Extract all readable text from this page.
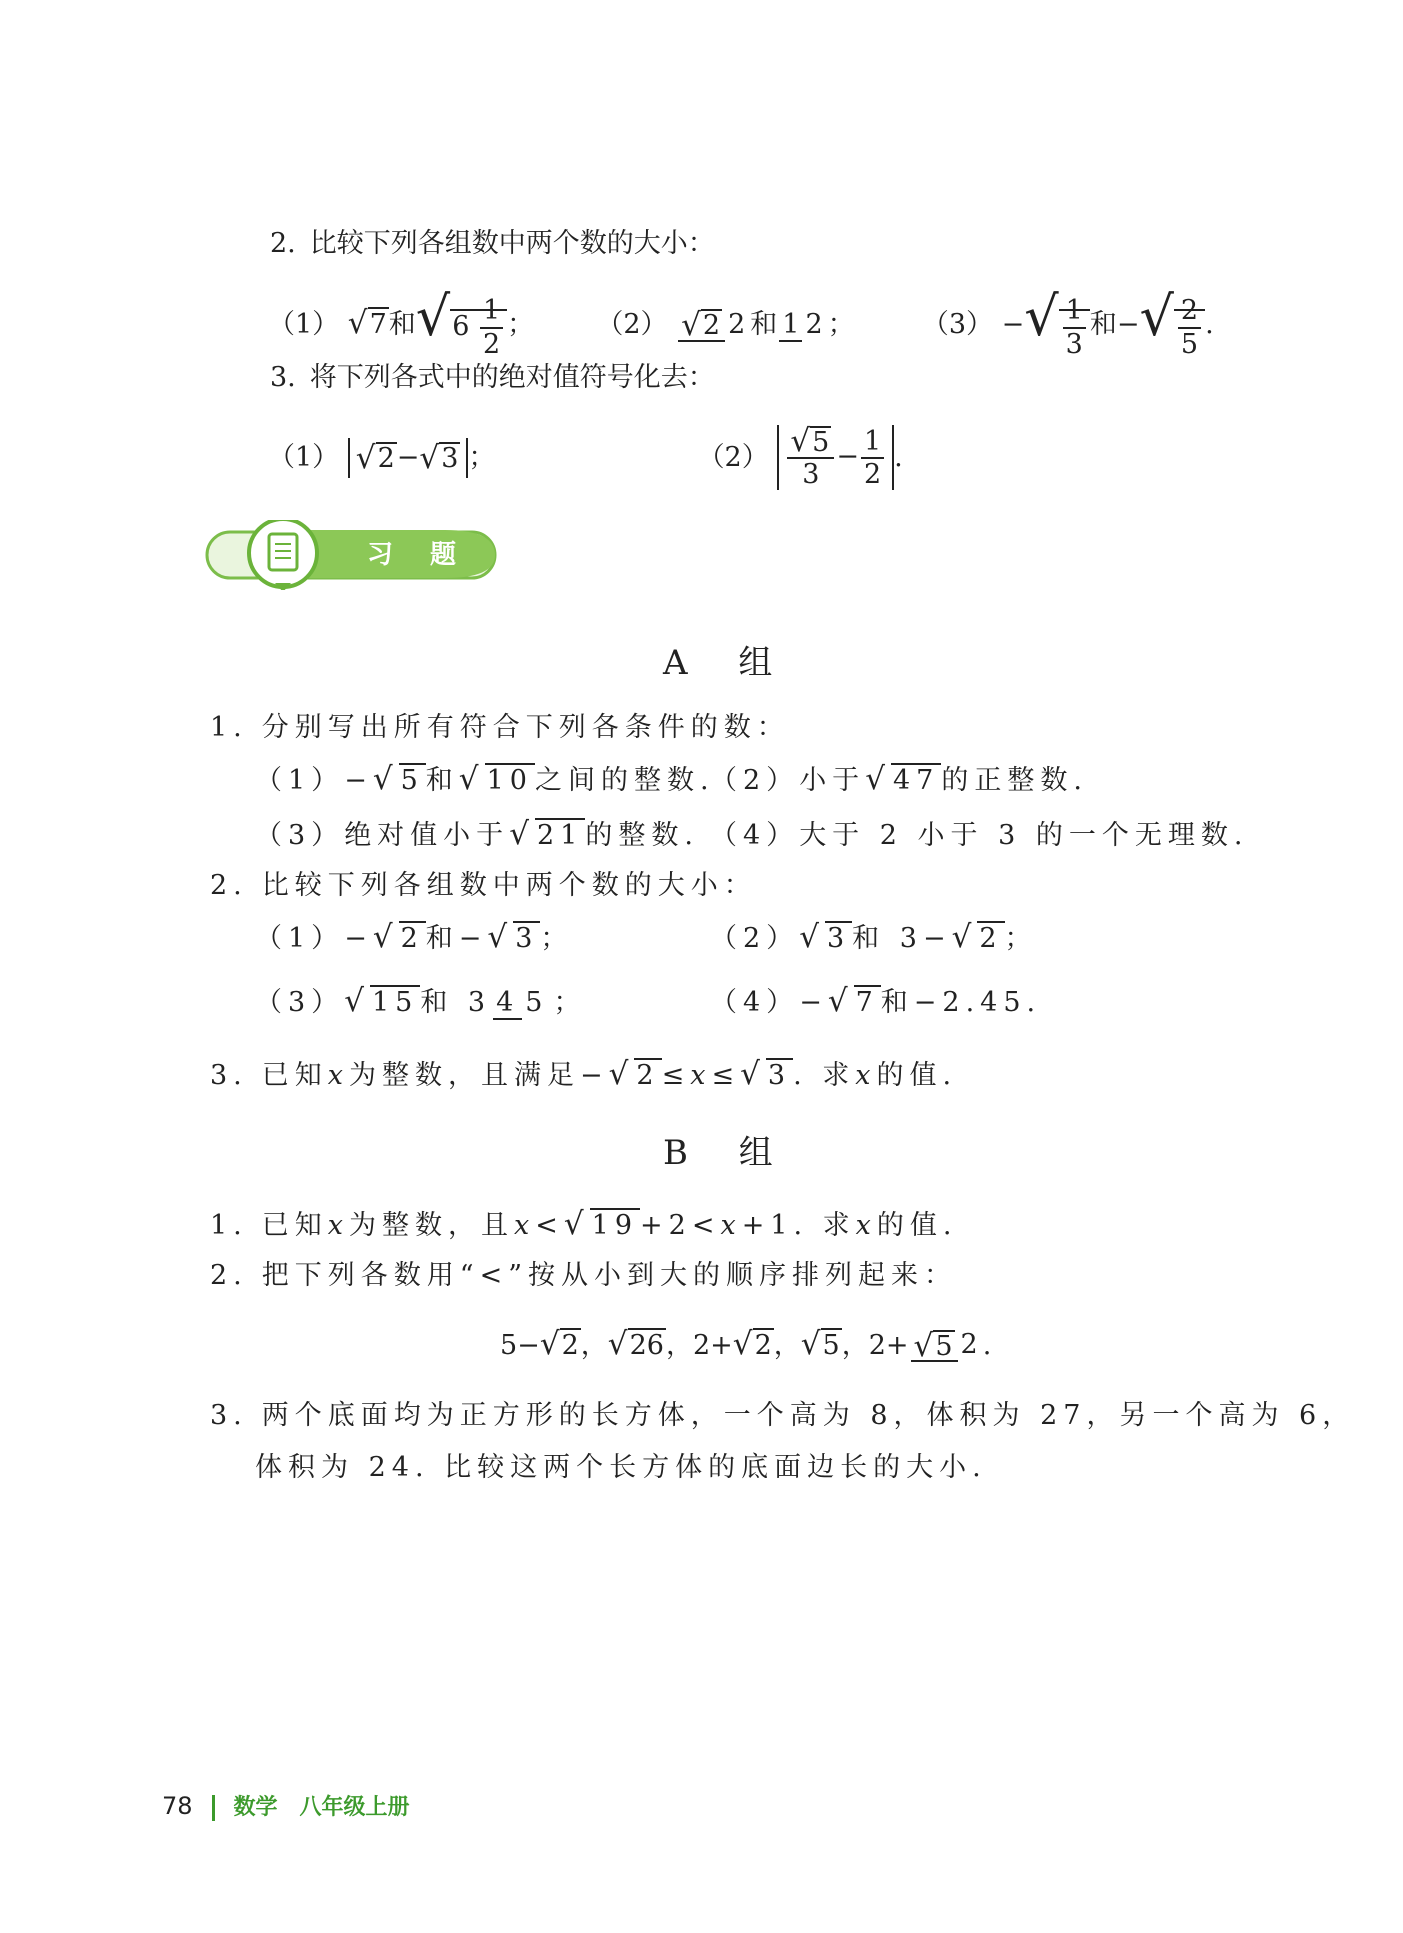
2. 比较下列各组数中两个数的大小：
（1） √7和$√6 \frac{1}{2}$ ； （2） √ 2 2 和 1 2 ； （3） −√ $\frac{1}{3}$ 和−√ $\frac{2}{5}$ .
3. 将下列各式中的绝对值符号化去：
（1） √ 2 − √ 3 ；	$(2) \frac{√ 5}{3} - \frac{1}{2}$ .
习 题
A 组
1. 分别写出所有符合下列各条件的数：
（1）−√5和√10之间的整数.
（2）小于√47的正整数.
（3）绝对值小于√21的整数. （4）大于 2 小于 3 的一个无理数.
2. 比较下列各组数中两个数的大小：
（1）−√2和−√3；	（2）√3和 3−√2；
（3）√15和 3 4 5 ；	（4）−√7和−2.45.
3. 已知x为整数，且满足−√2≤x≤√3. 求x的值.
B 组
1. 已知x为整数，且x<√19+2<x+1. 求x的值.
2. 把下列各数用“<”按从小到大的顺序排列起来：
5−√2，√26，2+√2，√5，2+ √ 5 2 .
3. 两个底面均为正方形的长方体，一个高为 8，体积为 27，另一个高为 6，
体积为 24. 比较这两个长方体的底面边长的大小.
78 数学　八年级上册
